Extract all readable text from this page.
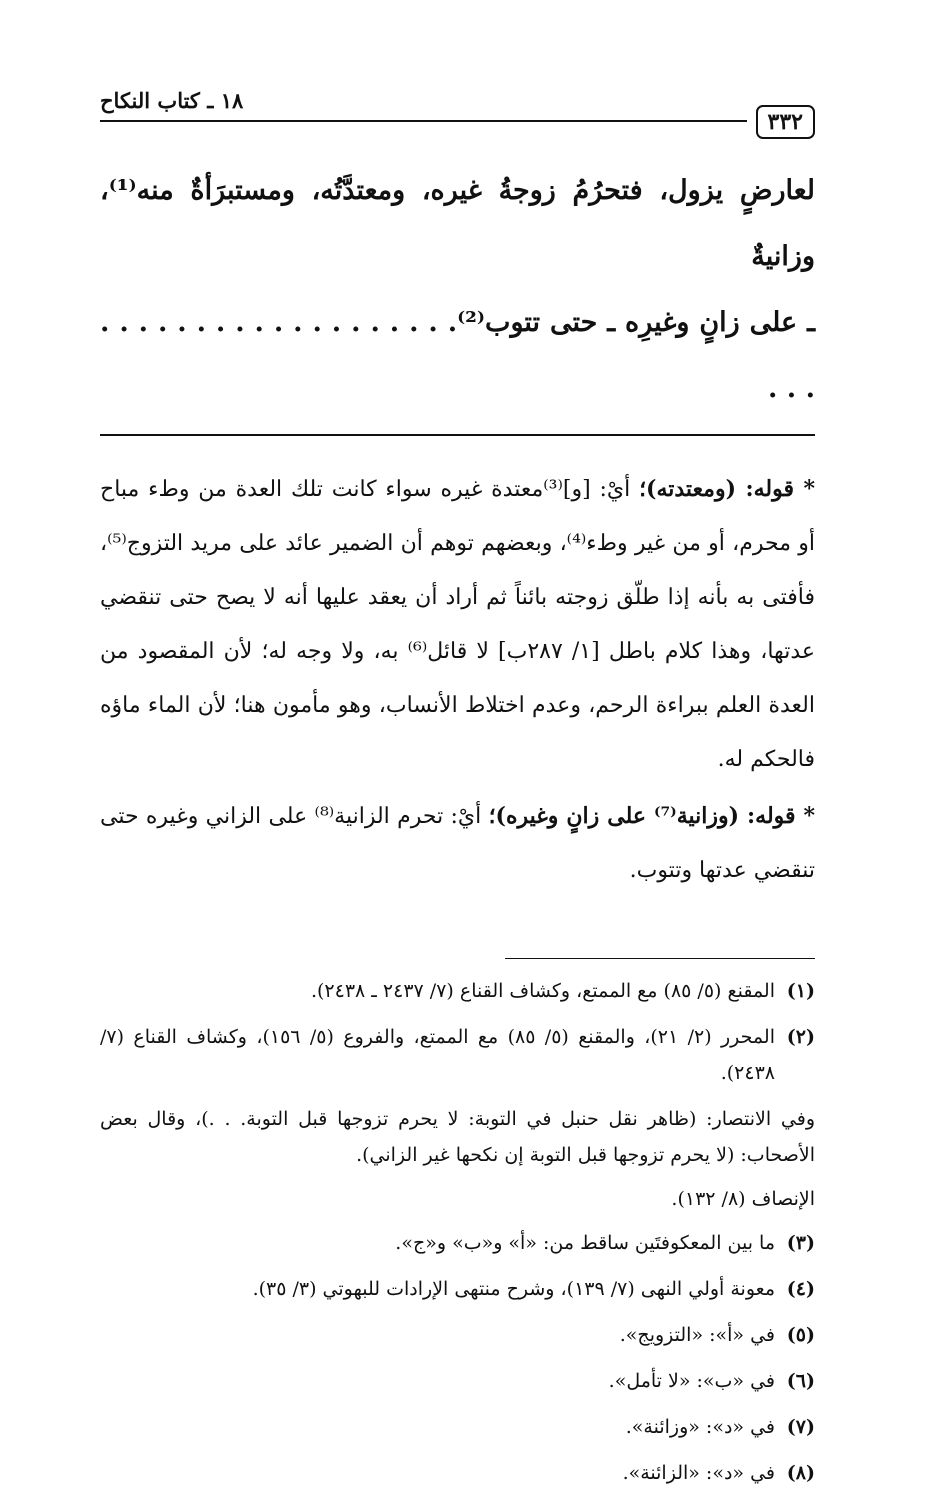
٣٣٢
١٨ ـ كتاب النكاح
لعارضٍ يزول، فتحرُمُ زوجةُ غيره، ومعتدَّتُه، ومستبرَأةٌ منه⁽¹⁾، وزانيةٌ
ـ على زانٍ وغيرِه ـ حتى تتوب⁽²⁾. . . . . . . . . . . . . . . . . . . . . .

* قوله: (ومعتدته)؛ أيْ: [و]⁽³⁾معتدة غيره سواء كانت تلك العدة من وطء مباح أو محرم، أو من غير وطء⁽⁴⁾، وبعضهم توهم أن الضمير عائد على مريد التزوج⁽⁵⁾، فأفتى به بأنه إذا طلّق زوجته بائناً ثم أراد أن يعقد عليها أنه لا يصح حتى تنقضي عدتها، وهذا كلام باطل [١/ ٢٨٧ب] لا قائل⁽⁶⁾ به، ولا وجه له؛ لأن المقصود من العدة العلم ببراءة الرحم، وعدم اختلاط الأنساب، وهو مأمون هنا؛ لأن الماء ماؤه فالحكم له.

* قوله: (وزانية⁽⁷⁾ على زانٍ وغيره)؛ أيْ: تحرم الزانية⁽⁸⁾ على الزاني وغيره حتى تنقضي عدتها وتتوب.

(١)
المقنع (٥/ ٨٥) مع الممتع، وكشاف القناع (٧/ ٢٤٣٧ ـ ٢٤٣٨).
(٢)
المحرر (٢/ ٢١)، والمقنع (٥/ ٨٥) مع الممتع، والفروع (٥/ ١٥٦)، وكشاف القناع (٧/ ٢٤٣٨).

وفي الانتصار: (ظاهر نقل حنبل في التوبة: لا يحرم تزوجها قبل التوبة. . .)، وقال بعض الأصحاب: (لا يحرم تزوجها قبل التوبة إن نكحها غير الزاني).

الإنصاف (٨/ ١٣٢).

(٣)
ما بين المعكوفتَين ساقط من: «أ» و«ب» و«ج».
(٤)
معونة أولي النهى (٧/ ١٣٩)، وشرح منتهى الإرادات للبهوتي (٣/ ٣٥).
(٥)
في «أ»: «التزويج».
(٦)
في «ب»: «لا تأمل».
(٧)
في «د»: «وزائنة».
(٨)
في «د»: «الزائنة».
